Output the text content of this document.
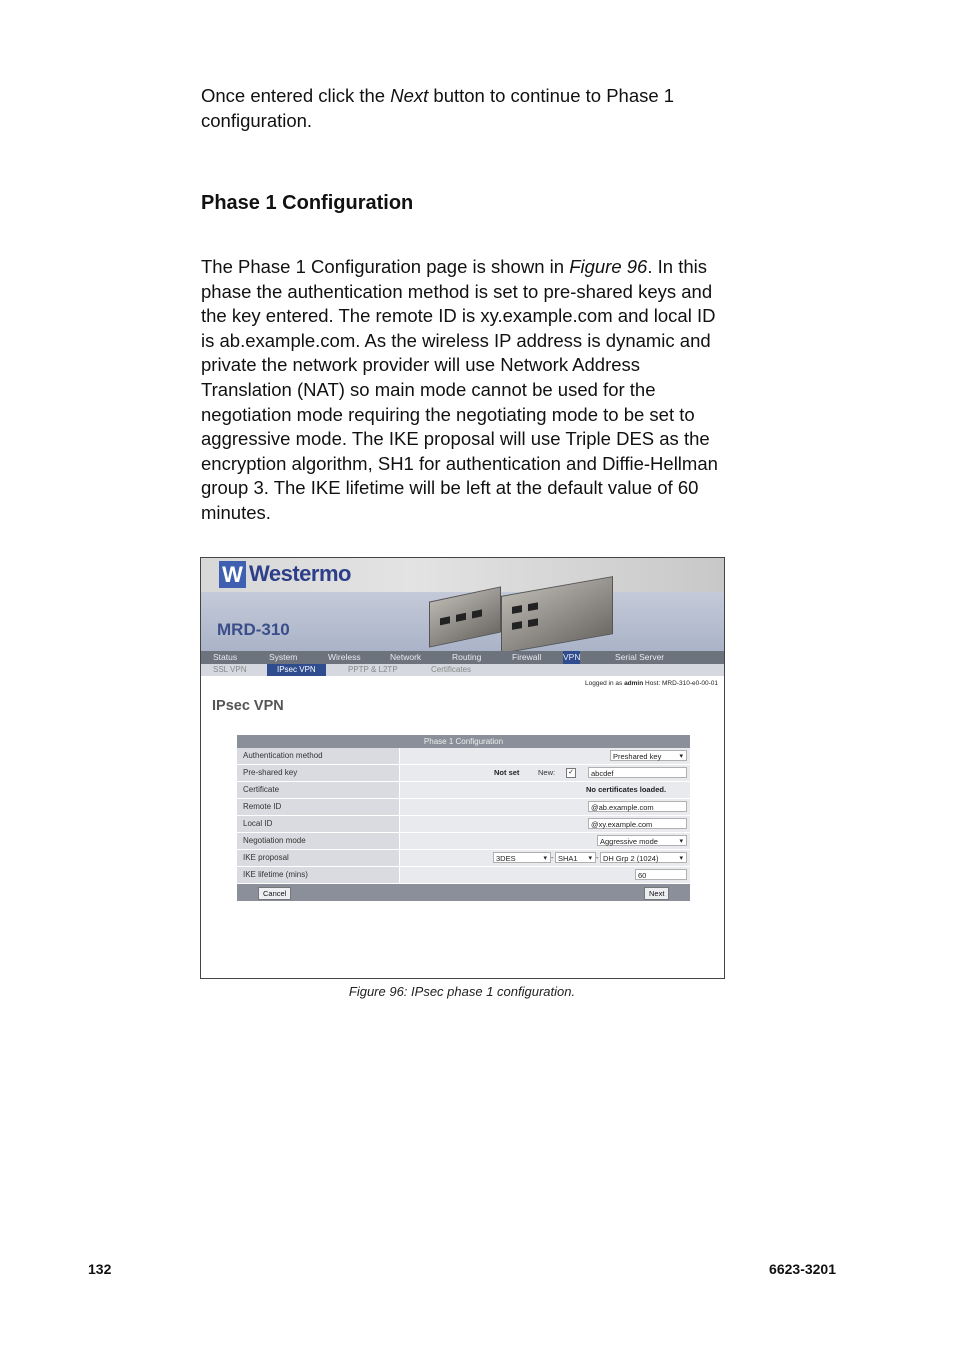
Once entered click the Next button to continue to Phase 1 configuration.

Phase 1 Configuration

The Phase 1 Configuration page is shown in Figure 96. In this phase the authentication method is set to pre-shared keys and the key entered. The remote ID is xy.example.com and local ID is ab.example.com. As the wireless IP address is dynamic and private the network provider will use Network Address Translation (NAT) so main mode cannot be used for the negotiation mode requiring the negotiating mode to be set to aggressive mode. The IKE proposal will use Triple DES as the encryption algorithm, SH1 for authentication and Diffie-Hellman group 3. The IKE lifetime will be left at the default value of 60 minutes.

W Westermo
MRD-310
Status	System	Wireless	Network	Routing	Firewall	VPN	Serial Server
SSL VPN	IPsec VPN	PPTP & L2TP	Certificates
Logged in as admin Host: MRD-310-e0-00-01
IPsec VPN
Phase 1 Configuration
Authentication method	Preshared key ▾
Pre-shared key	Not set New: ✓	abcdef
Certificate	No certificates loaded.
Remote ID	@ab.example.com
Local ID	@xy.example.com
Negotiation mode	Aggressive mode ▾
IKE proposal	3DES ▾	- SHA1 ▾	- DH Grp 2 (1024) ▾
IKE lifetime (mins)	60
Cancel	Next
Figure 96: IPsec phase 1 configuration.
132	6623-3201
